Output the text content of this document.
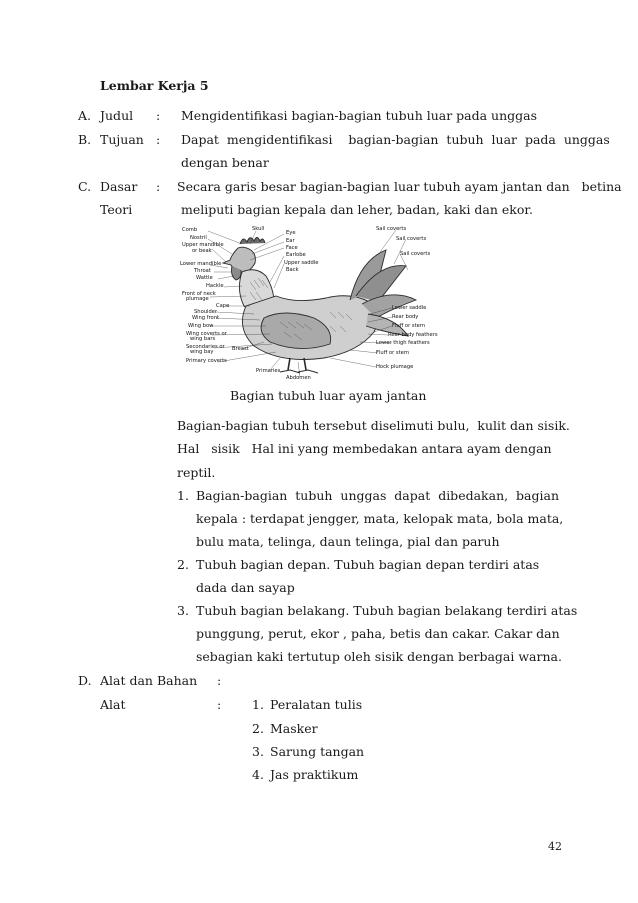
Lembar Kerja 5
A. Judul : Mengidentifikasi bagian-bagian tubuh luar pada unggas
B. Tujuan : Dapat  mengidentifikasi    bagian-bagian  tubuh  luar  pada  unggas
dengan benar
C. Dasar
Teori
: Secara garis besar bagian-bagian luar tubuh ayam jantan dan   betina
meliputi bagian kepala dan leher, badan, kaki dan ekor.
Comb
Nostril
Upper mandible
or beak
Lower mandible
Throat
Wattle
Hackle
Front of neck
plumage
Cape
Shoulder
Wing front
Wing bow
Wing coverts or
wing bars
Secondaries or
wing bay
Primary coverts
Skull
Eye
Ear
Face
Earlobe
Upper saddle
Back
Sail coverts
Sail coverts
Sail coverts
Lower saddle
Rear body
Fluff or stern
Rear body feathers
Lower thigh feathers
Fluff or stern
Hock plumage
Breast
Primaries
Abdomen
Bagian tubuh luar ayam jantan
Bagian-bagian tubuh tersebut diselimuti bulu,  kulit dan sisik.
Hal   sisik   Hal ini yang membedakan antara ayam dengan
reptil.
1. Bagian-bagian  tubuh  unggas  dapat  dibedakan,  bagian
kepala : terdapat jengger, mata, kelopak mata, bola mata,
bulu mata, telinga, daun telinga, pial dan paruh
2. Tubuh bagian depan. Tubuh bagian depan terdiri atas
dada dan sayap
3. Tubuh bagian belakang. Tubuh bagian belakang terdiri atas
punggung, perut, ekor , paha, betis dan cakar. Cakar dan
sebagian kaki tertutup oleh sisik dengan berbagai warna.
D. Alat dan Bahan :
Alat	: 1. Peralatan tulis
2. Masker
3. Sarung tangan
4. Jas praktikum
42
